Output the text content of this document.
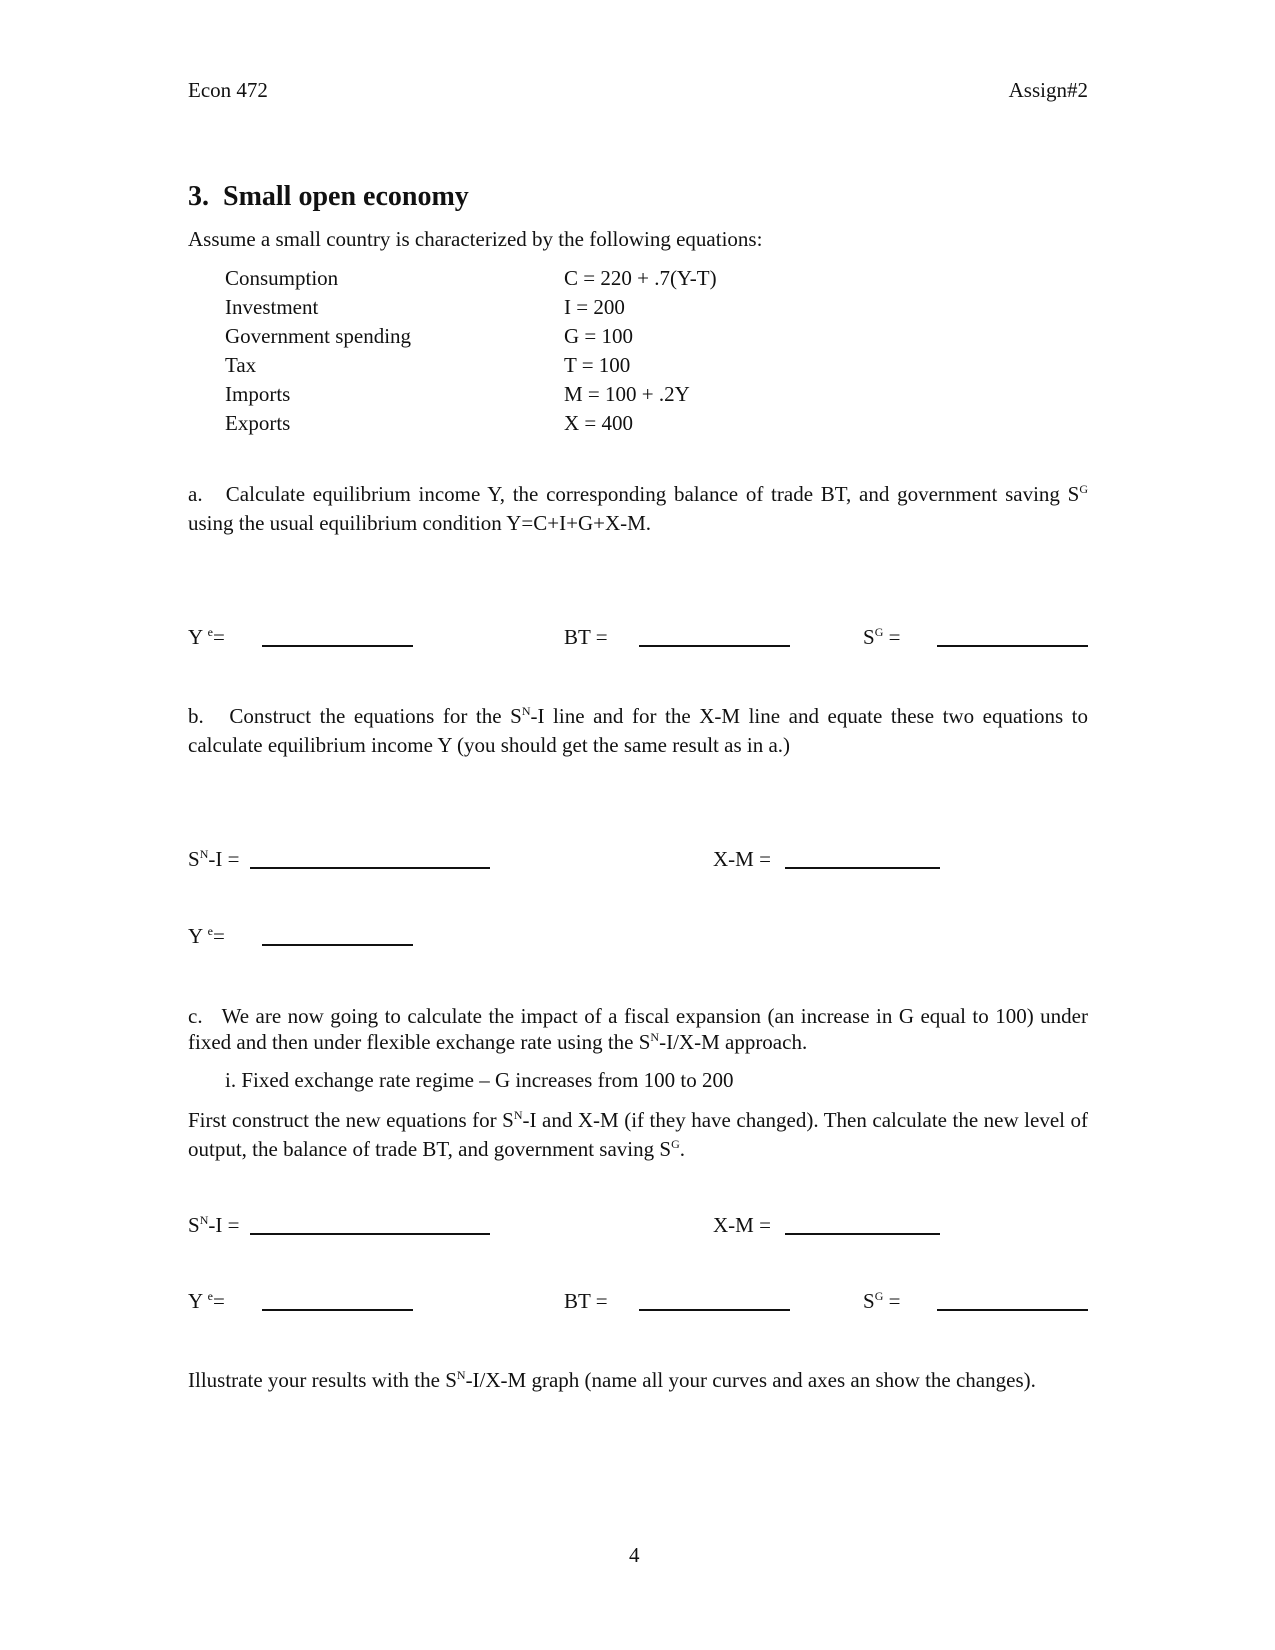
Econ 472	Assign#2
3. Small open economy
Assume a small country is characterized by the following equations:
Consumption	C = 220 + .7(Y-T)
Investment	I = 200
Government spending	G = 100
Tax	T = 100
Imports	M = 100 + .2Y
Exports	X = 400
a. Calculate equilibrium income Y, the corresponding balance of trade BT, and government saving $S^G$ using the usual equilibrium condition Y=C+I+G+X-M.
Y $^e$=	BT =	$S^G$ =
b. Construct the equations for the $S^N-I$ line and for the X-M line and equate these two equations to calculate equilibrium income Y (you should get the same result as in a.)
$S^N-I$ =	X-M =
Y $^e$=
c. We are now going to calculate the impact of a fiscal expansion (an increase in G equal to 100) under fixed and then under flexible exchange rate using the $S^N-I/X-M$ approach.
i. Fixed exchange rate regime – G increases from 100 to 200
First construct the new equations for $S^N-I$ and X-M (if they have changed). Then calculate the new level of output, the balance of trade BT, and government saving $S^G$.
$S^N-I$ =	X-M =
Y $^e$=	BT =	$S^G$ =
Illustrate your results with the $S^N-I/X-M$ graph (name all your curves and axes an show the changes).
4
